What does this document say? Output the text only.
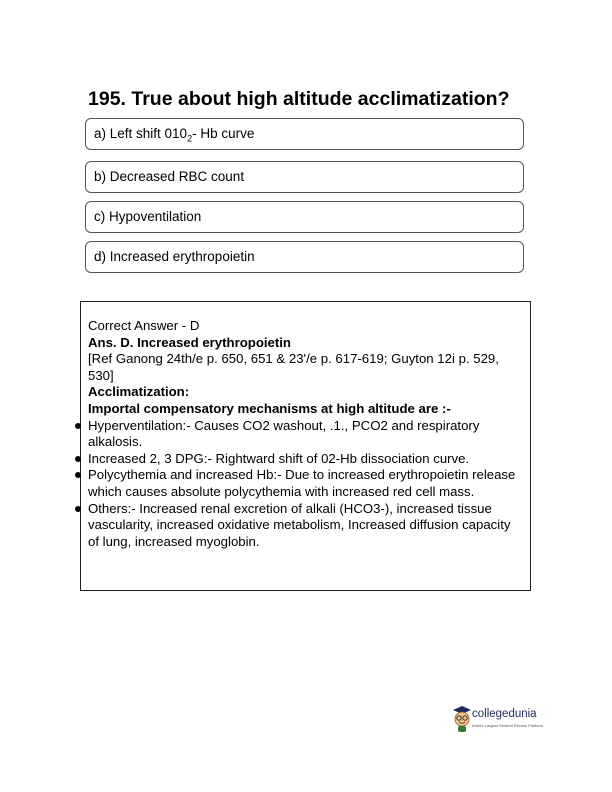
195. True about high altitude acclimatization?
a) Left shift $010_2-$ Hb curve
b) Decreased RBC count
c) Hypoventilation
d) Increased erythropoietin
Correct Answer - D
Ans. D. Increased erythropoietin
[Ref Ganong 24th/e p. 650, 651 & 23'/e p. 617-619; Guyton 12i p. 529, 530]
Acclimatization:
Importal compensatory mechanisms at high altitude are :-
Hyperventilation:- Causes CO2 washout, .1., PCO2 and respiratory alkalosis.
Increased 2, 3 DPG:- Rightward shift of 02-Hb dissociation curve.
Polycythemia and increased Hb:- Due to increased erythropoietin release which causes absolute polycythemia with increased red cell mass.
Others:- Increased renal excretion of alkali (HCO3-), increased tissue vascularity, increased oxidative metabolism, Increased diffusion capacity of lung, increased myoglobin.
collegedunia
India's Largest Student Review Platform
